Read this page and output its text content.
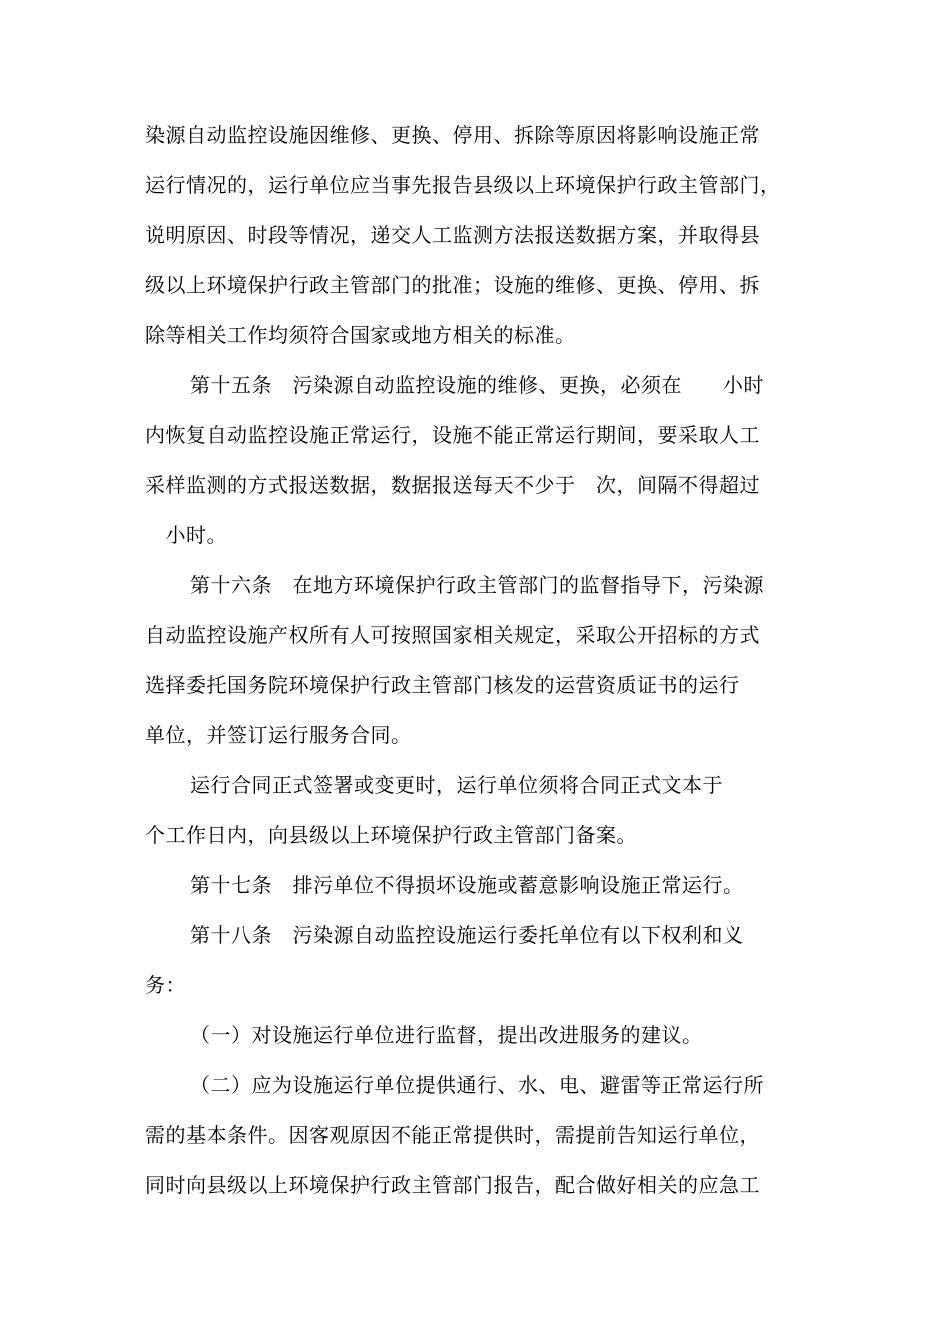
染源自动监控设施因维修、更换、停用、拆除等原因将影响设施正常
运行情况的，运行单位应当事先报告县级以上环境保护行政主管部门，
说明原因、时段等情况，递交人工监测方法报送数据方案，并取得县
级以上环境保护行政主管部门的批准；设施的维修、更换、停用、拆
除等相关工作均须符合国家或地方相关的标准。
第十五条　污染源自动监控设施的维修、更换，必须在　　小时
内恢复自动监控设施正常运行，设施不能正常运行期间，要采取人工
采样监测的方式报送数据，数据报送每天不少于　次，间隔不得超过
　小时。
第十六条　在地方环境保护行政主管部门的监督指导下，污染源
自动监控设施产权所有人可按照国家相关规定，采取公开招标的方式
选择委托国务院环境保护行政主管部门核发的运营资质证书的运行
单位，并签订运行服务合同。
运行合同正式签署或变更时，运行单位须将合同正式文本于
个工作日内，向县级以上环境保护行政主管部门备案。
第十七条　排污单位不得损坏设施或蓄意影响设施正常运行。
第十八条　污染源自动监控设施运行委托单位有以下权利和义
务：
（一）对设施运行单位进行监督，提出改进服务的建议。
（二）应为设施运行单位提供通行、水、电、避雷等正常运行所
需的基本条件。因客观原因不能正常提供时，需提前告知运行单位，
同时向县级以上环境保护行政主管部门报告，配合做好相关的应急工
